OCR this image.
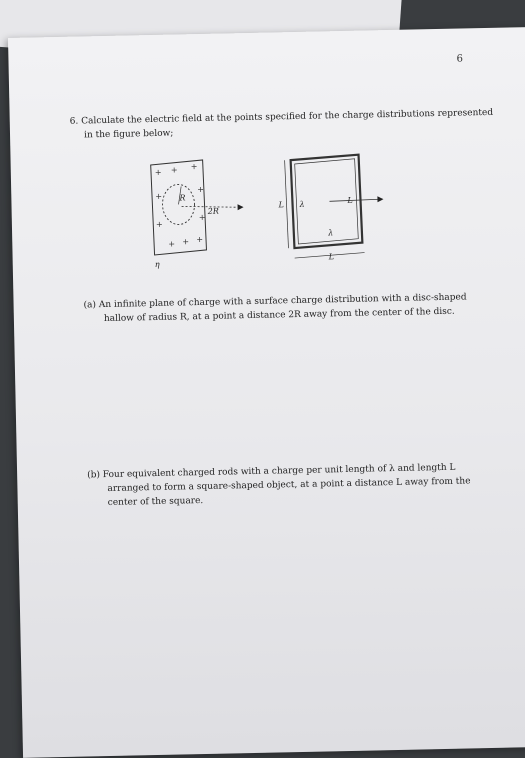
6
6. Calculate the electric field at the points specified for the charge distributions represented
in the figure below;
+ + +
+
+
+
+
+ + +
R
2R
η
L λ	L
λ
L
(a) An infinite plane of charge with a surface charge distribution with a disc-shaped
hallow of radius R, at a point a distance 2R away from the center of the disc.
(b) Four equivalent charged rods with a charge per unit length of λ and length L
arranged to form a square-shaped object, at a point a distance L away from the
center of the square.
